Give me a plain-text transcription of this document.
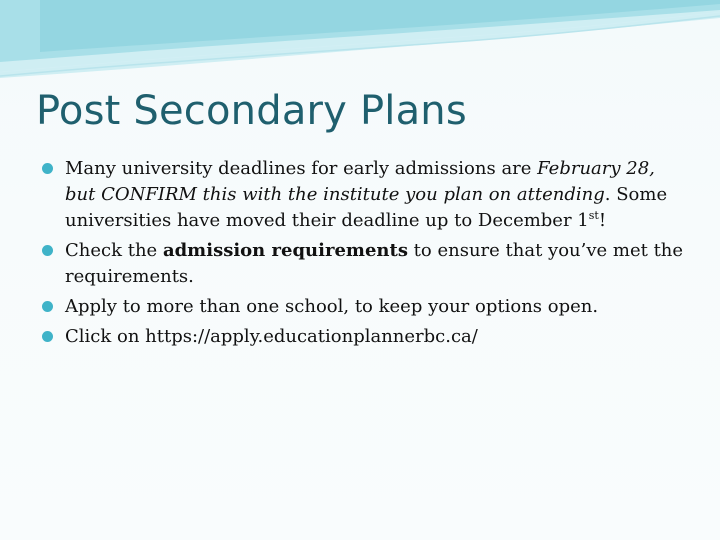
Post Secondary Plans
Many university deadlines for early admissions are February 28, but CONFIRM this with the institute you plan on attending. Some universities have moved their deadline up to December 1st!
Check the admission requirements to ensure that you’ve met the requirements.
Apply to more than one school, to keep your options open.
Click on https://apply.educationplannerbc.ca/
